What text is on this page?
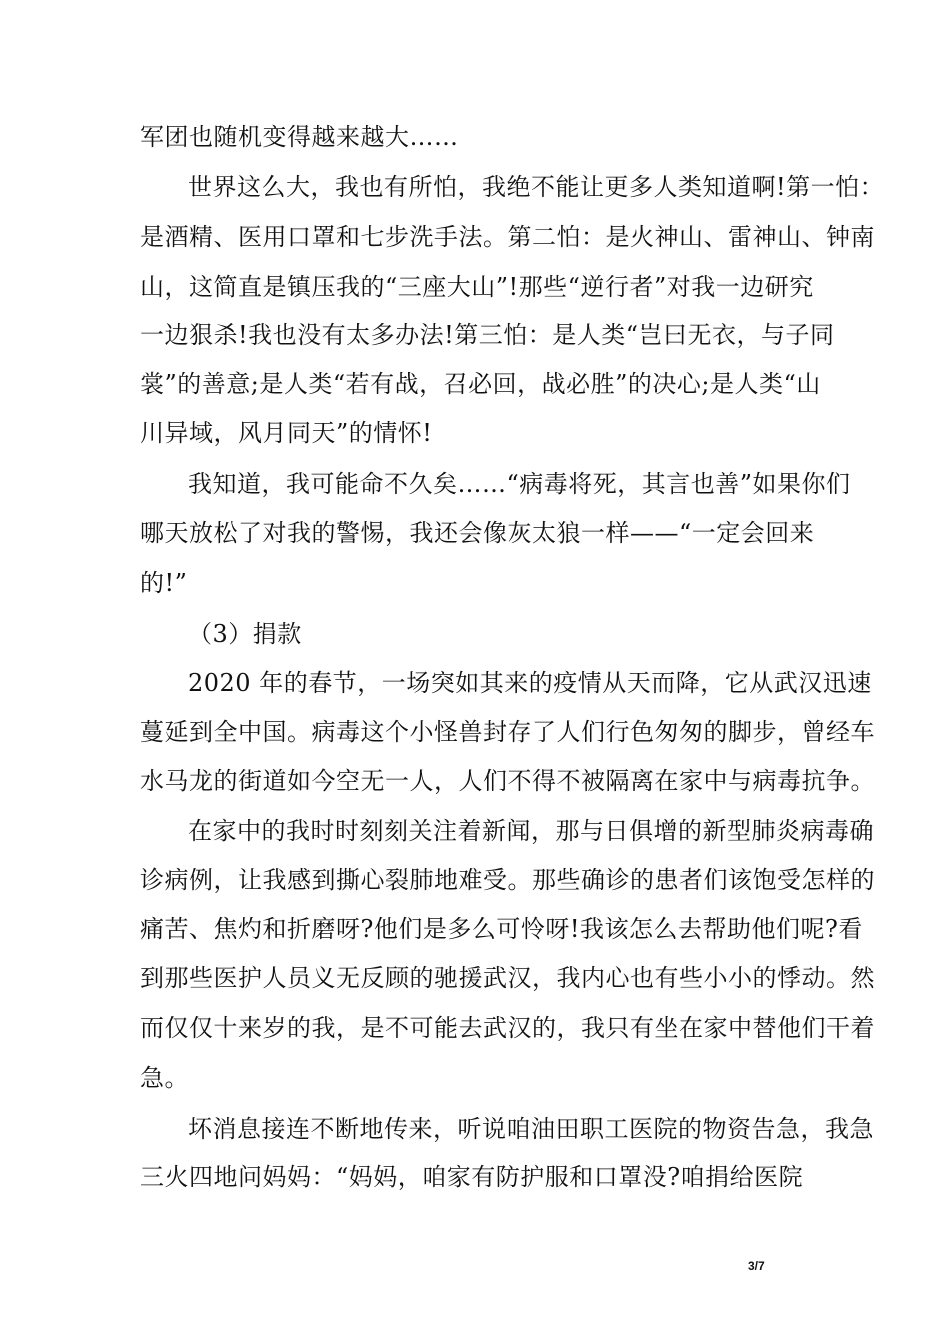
军团也随机变得越来越大……
世界这么大，我也有所怕，我绝不能让更多人类知道啊!第一怕：
是酒精、医用口罩和七步洗手法。第二怕：是火神山、雷神山、钟南
山，这简直是镇压我的“三座大山”!那些“逆行者”对我一边研究
一边狠杀!我也没有太多办法!第三怕：是人类“岂曰无衣，与子同
裳”的善意;是人类“若有战，召必回，战必胜”的决心;是人类“山
川异域，风月同天”的情怀!
我知道，我可能命不久矣……“病毒将死，其言也善”如果你们
哪天放松了对我的警惕，我还会像灰太狼一样——“一定会回来
的!”
（3）捐款
2020 年的春节，一场突如其来的疫情从天而降，它从武汉迅速
蔓延到全中国。病毒这个小怪兽封存了人们行色匆匆的脚步，曾经车
水马龙的街道如今空无一人，人们不得不被隔离在家中与病毒抗争。
在家中的我时时刻刻关注着新闻，那与日俱增的新型肺炎病毒确
诊病例，让我感到撕心裂肺地难受。那些确诊的患者们该饱受怎样的
痛苦、焦灼和折磨呀?他们是多么可怜呀!我该怎么去帮助他们呢?看
到那些医护人员义无反顾的驰援武汉，我内心也有些小小的悸动。然
而仅仅十来岁的我，是不可能去武汉的，我只有坐在家中替他们干着
急。
坏消息接连不断地传来，听说咱油田职工医院的物资告急，我急
三火四地问妈妈：“妈妈，咱家有防护服和口罩没?咱捐给医院
3/7
